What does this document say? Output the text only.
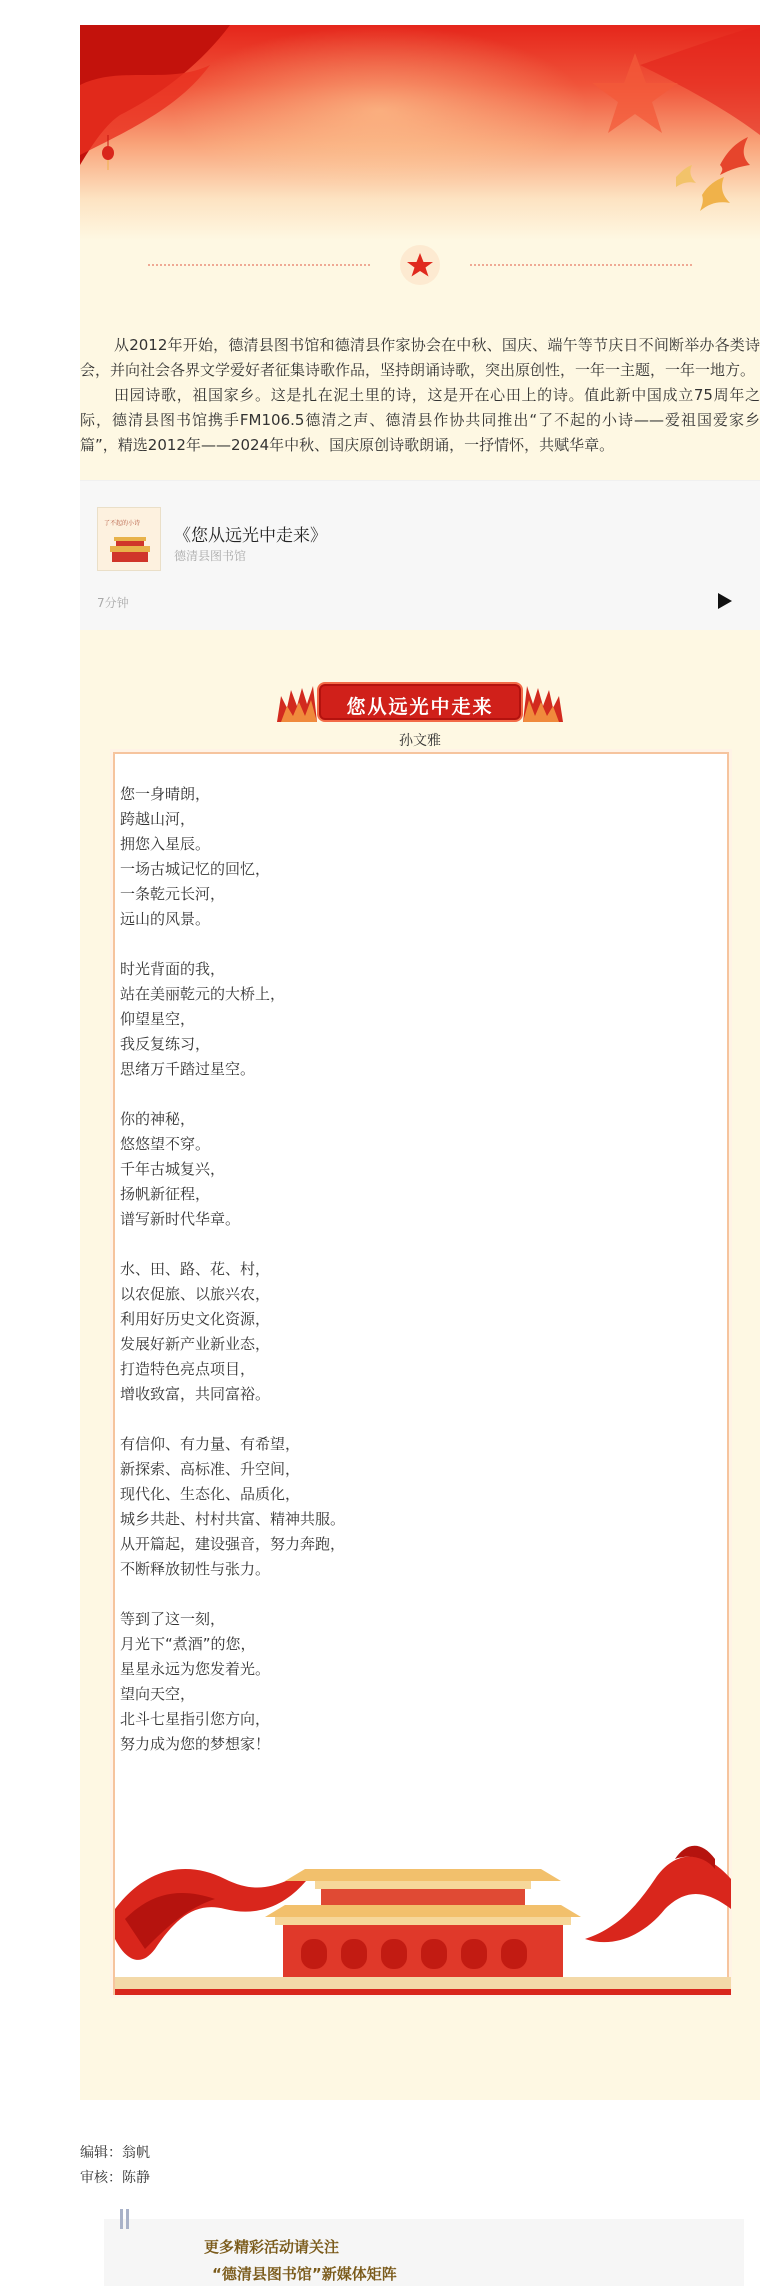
从2012年开始，德清县图书馆和德清县作家协会在中秋、国庆、端午等节庆日不间断举办各类诗会，并向社会各界文学爱好者征集诗歌作品，坚持朗诵诗歌，突出原创性，一年一主题，一年一地方。

田园诗歌，祖国家乡。这是扎在泥土里的诗，这是开在心田上的诗。值此新中国成立75周年之际，德清县图书馆携手FM106.5德清之声、德清县作协共同推出“了不起的小诗——爱祖国爱家乡篇”，精选2012年——2024年中秋、国庆原创诗歌朗诵，一抒情怀，共赋华章。

了不起的小诗
《您从远光中走来》
德清县图书馆
7分钟
您从远光中走来
孙文雅
您一身晴朗，
跨越山河，
拥您入星辰。
一场古城记忆的回忆，
一条乾元长河，
远山的风景。
时光背面的我，
站在美丽乾元的大桥上，
仰望星空，
我反复练习，
思绪万千踏过星空。
你的神秘，
悠悠望不穿。
千年古城复兴，
扬帆新征程，
谱写新时代华章。
水、田、路、花、村，
以农促旅、以旅兴农，
利用好历史文化资源，
发展好新产业新业态，
打造特色亮点项目，
增收致富，共同富裕。
有信仰、有力量、有希望，
新探索、高标准、升空间，
现代化、生态化、品质化，
城乡共赴、村村共富、精神共服。
从开篇起，建设强音，努力奔跑，
不断释放韧性与张力。
等到了这一刻，
月光下“煮酒”的您，
星星永远为您发着光。
望向天空，
北斗七星指引您方向，
努力成为您的梦想家！
编辑：翁帆
审核：陈静
更多精彩活动请关注
“德清县图书馆”新媒体矩阵
